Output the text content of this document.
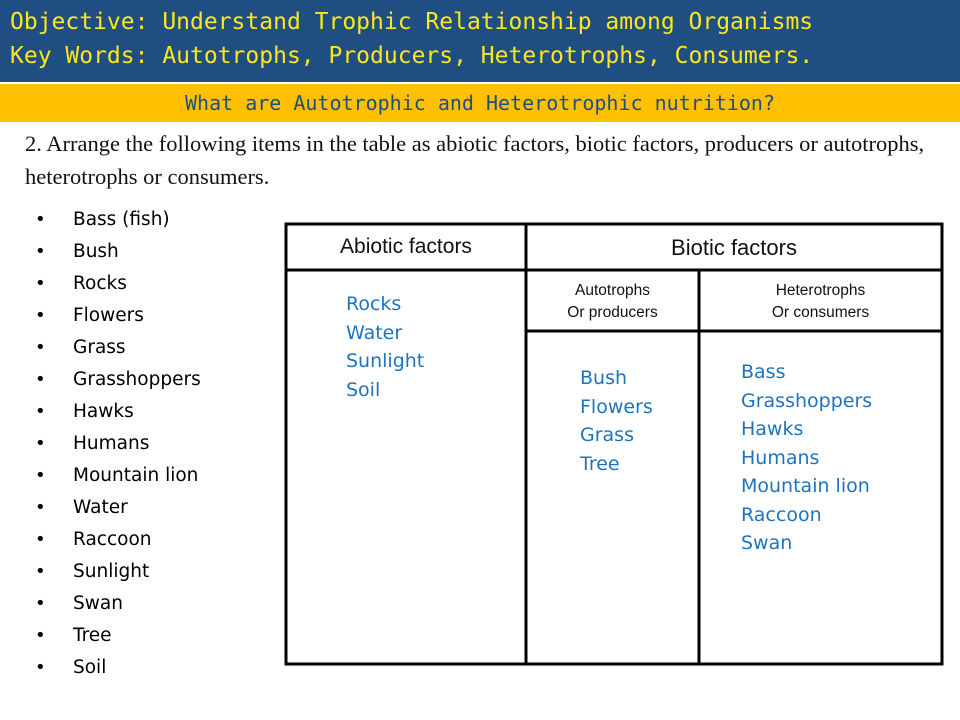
Objective: Understand Trophic Relationship among Organisms
Key Words: Autotrophs, Producers, Heterotrophs, Consumers.
What are Autotrophic and Heterotrophic nutrition?
2. Arrange the following items in the table as abiotic factors, biotic factors, producers or autotrophs, heterotrophs or consumers.
• Bass (fish)
• Bush
• Rocks
• Flowers
• Grass
• Grasshoppers
• Hawks
• Humans
• Mountain lion
• Water
• Raccoon
• Sunlight
• Swan
• Tree
• Soil
Abiotic factors	Biotic factors
Autotrophs
Or producers
Heterotrophs
Or consumers
Rocks
Water
Sunlight
Soil
Bush
Flowers
Grass
Tree
Bass
Grasshoppers
Hawks
Humans
Mountain lion
Raccoon
Swan
